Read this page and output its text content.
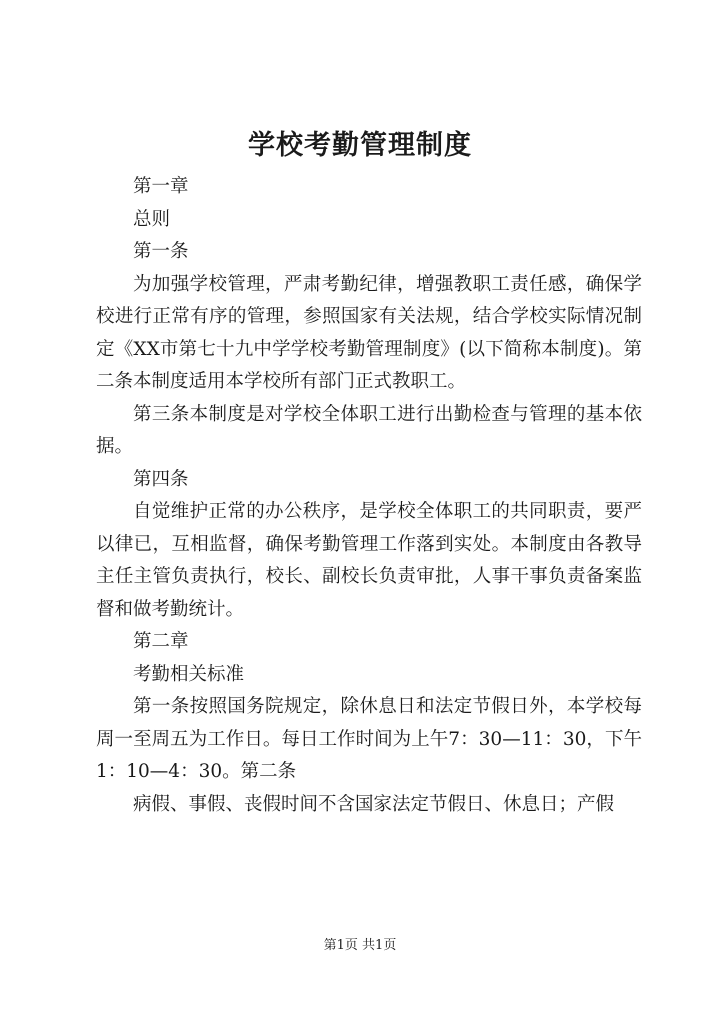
学校考勤管理制度

第一章

总则

第一条

为加强学校管理，严肃考勤纪律，增强教职工责任感，确保学校进行正常有序的管理，参照国家有关法规，结合学校实际情况制定《XX市第七十九中学学校考勤管理制度》(以下简称本制度)。第二条本制度适用本学校所有部门正式教职工。

第三条本制度是对学校全体职工进行出勤检查与管理的基本依据。

第四条

自觉维护正常的办公秩序，是学校全体职工的共同职责，要严以律已，互相监督，确保考勤管理工作落到实处。本制度由各教导主任主管负责执行，校长、副校长负责审批，人事干事负责备案监督和做考勤统计。

第二章

考勤相关标准

第一条按照国务院规定，除休息日和法定节假日外，本学校每周一至周五为工作日。每日工作时间为上午7：30—11：30，下午1：10—4：30。第二条

病假、事假、丧假时间不含国家法定节假日、休息日；产假

第1页 共1页
